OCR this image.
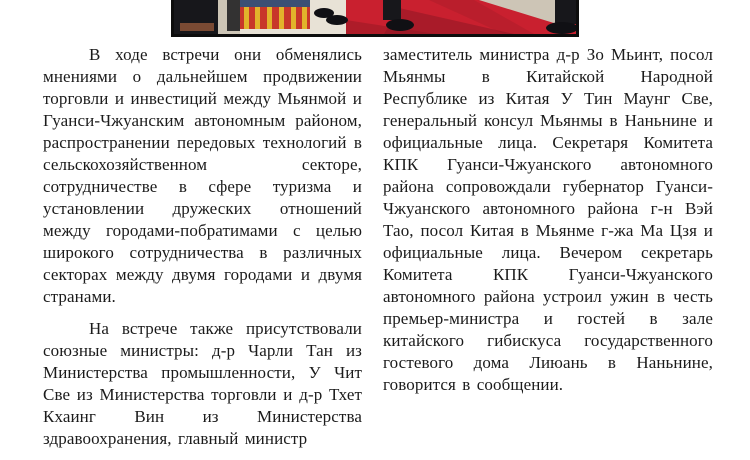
В ходе встречи они обменялись мнениями о дальнейшем продвижении торговли и инвестиций между Мьянмой и Гуанси-Чжуанским автономным районом, распространении передовых технологий в сельскохозяйственном секторе, сотрудничестве в сфере туризма и установлении дружеских отношений между городами-побратимами с целью широкого сотрудничества в различных секторах между двумя городами и двумя странами.

На встрече также присутствовали союзные министры: д-р Чарли Тан из Министерства промышленности, У Чит Све из Министерства торговли и д-р Тхет Кхаинг Вин из Министерства здравоохранения, главный министр

заместитель министра д-р Зо Мьинт, посол Мьянмы в Китайской Народной Республике из Китая У Тин Маунг Све, генеральный консул Мьянмы в Наньнине и официальные лица. Секретаря Комитета КПК Гуанси-Чжуанского автономного района сопровождали губернатор Гуанси-Чжуанского автономного района г-н Вэй Тао, посол Китая в Мьянме г-жа Ма Цзя и официальные лица. Вечером секретарь Комитета КПК Гуанси-Чжуанского автономного района устроил ужин в честь премьер-министра и гостей в зале китайского гибискуса государственного гостевого дома Лиюань в Наньнине, говорится в сообщении.
